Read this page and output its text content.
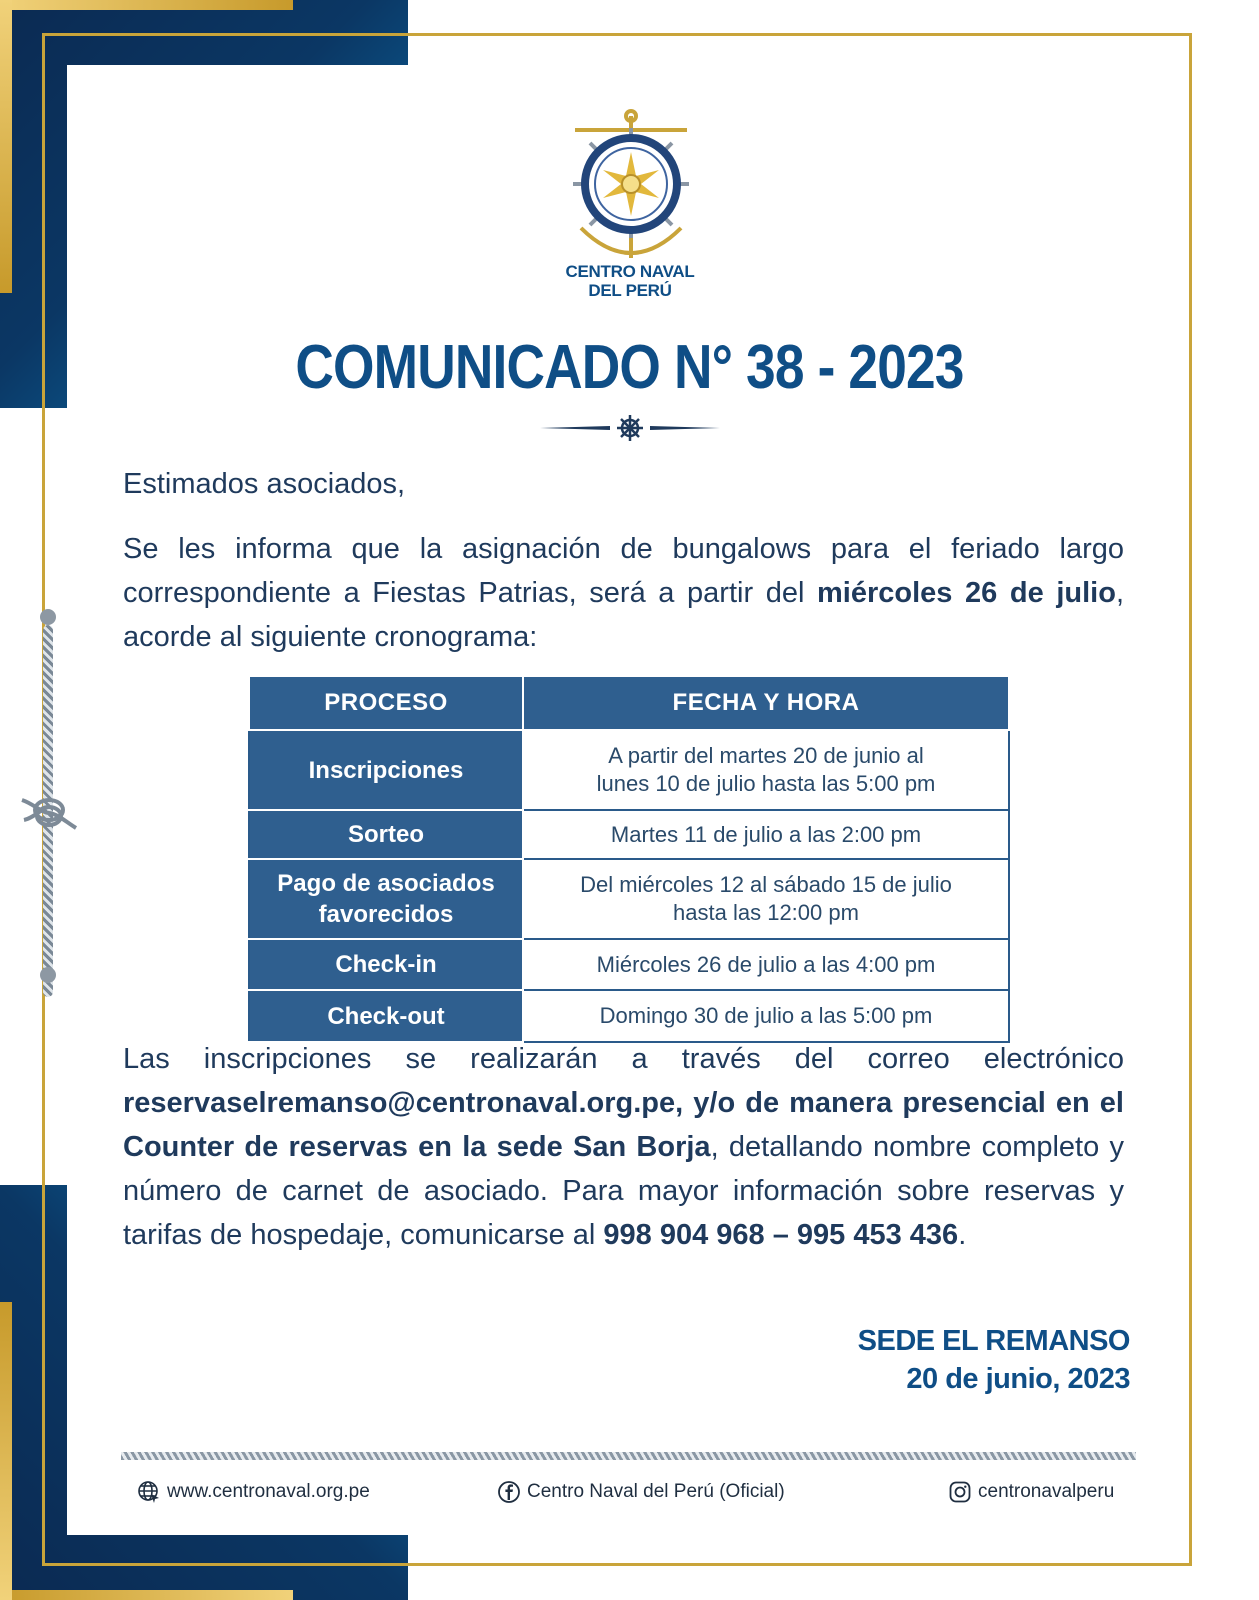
CENTRO NAVAL
DEL PERÚ
COMUNICADO N° 38 - 2023
Estimados asociados,
Se les informa que la asignación de bungalows para el feriado largo correspondiente a Fiestas Patrias, será a partir del miércoles 26 de julio, acorde al siguiente cronograma:
PROCESO	FECHA Y HORA
Inscripciones	A partir del martes 20 de junio al
lunes 10 de julio hasta las 5:00 pm

Sorteo	Martes 11 de julio a las 2:00 pm

Pago de asociados favorecidos	Del miércoles 12 al sábado 15 de julio
hasta las 12:00 pm

Check-in	Miércoles 26 de julio a las 4:00 pm

Check-out	Domingo 30 de julio a las 5:00 pm
Las inscripciones se realizarán a través del correo electrónico reservaselremanso@centronaval.org.pe, y/o de manera presencial en el Counter de reservas en la sede San Borja, detallando nombre completo y número de carnet de asociado. Para mayor información sobre reservas y tarifas de hospedaje, comunicarse al 998 904 968 – 995 453 436.
SEDE EL REMANSO
20 de junio, 2023
www.centronaval.org.pe	Centro Naval del Perú (Oficial)	centronavalperu
